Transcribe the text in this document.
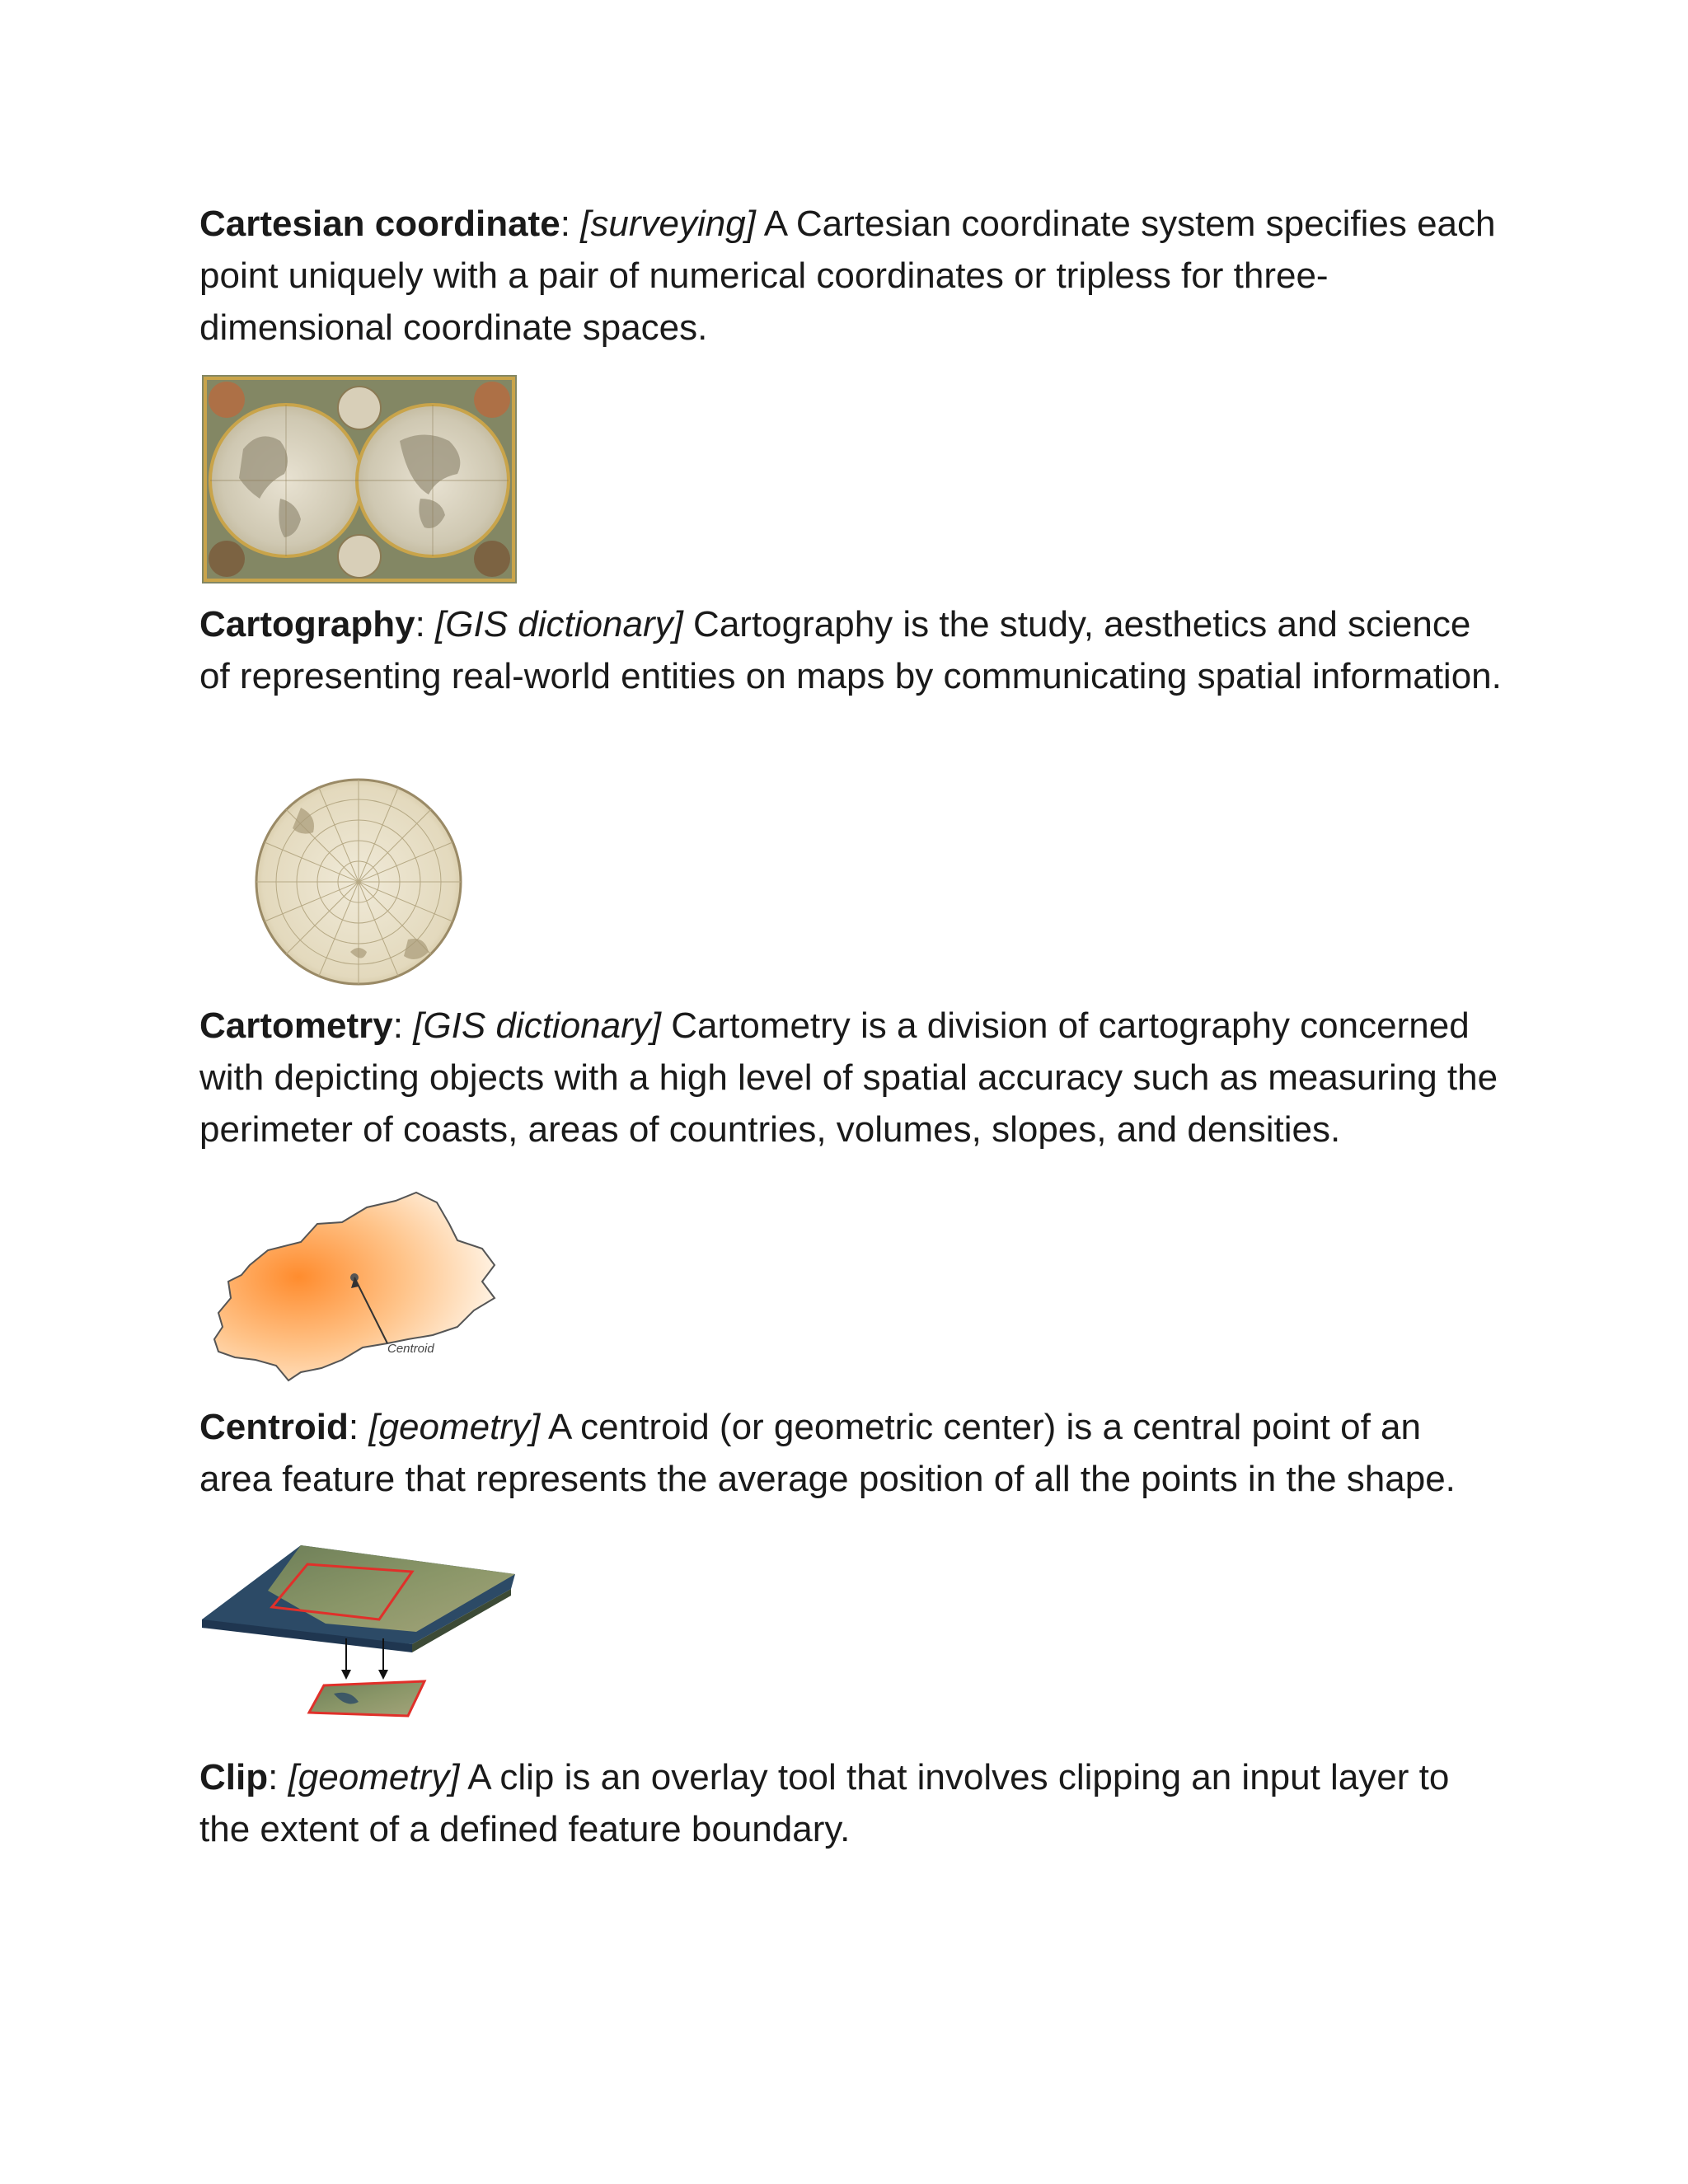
Cartesian coordinate: [surveying] A Cartesian coordinate system specifies each point uniquely with a pair of numerical coordinates or tripless for three-dimensional coordinate spaces.

Cartography: [GIS dictionary] Cartography is the study, aesthetics and science of representing real-world entities on maps by communicating spatial information.

Cartometry: [GIS dictionary] Cartometry is a division of cartography concerned with depicting objects with a high level of spatial accuracy such as measuring the perimeter of coasts, areas of countries, volumes, slopes, and densities.

Centroid

Centroid: [geometry] A centroid (or geometric center) is a central point of an area feature that represents the average position of all the points in the shape.

Clip: [geometry] A clip is an overlay tool that involves clipping an input layer to the extent of a defined feature boundary.
